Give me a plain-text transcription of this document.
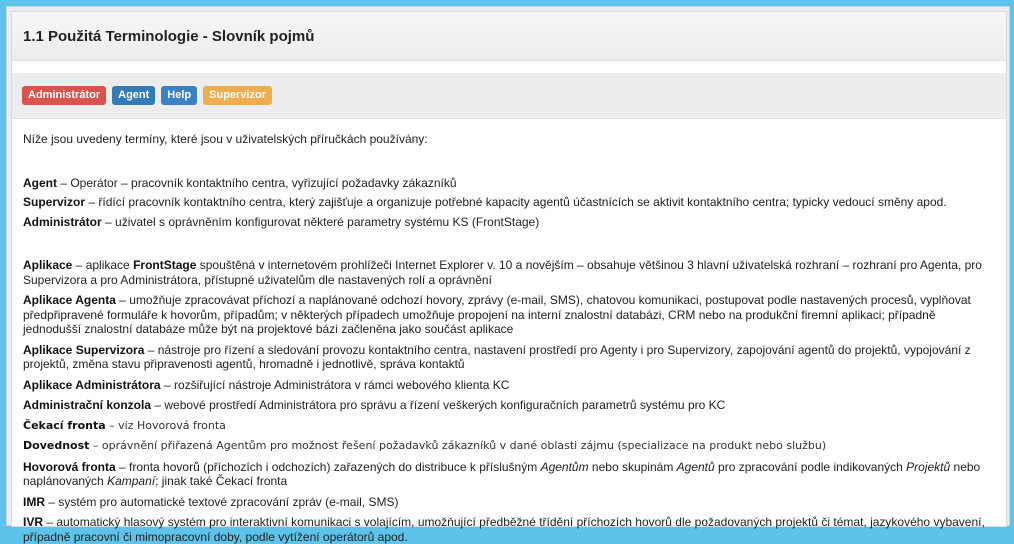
1.1 Použitá Terminologie - Slovník pojmů
Administrátor	Agent	Help	Supervizor

Níže jsou uvedeny termíny, které jsou v uživatelských příručkách používány:

Agent – Operátor – pracovník kontaktního centra, vyřizující požadavky zákazníků

Supervizor – řídící pracovník kontaktního centra, který zajišťuje a organizuje potřebné kapacity agentů účastnících se aktivit kontaktního centra; typicky vedoucí směny apod.

Administrátor – uživatel s oprávněním konfigurovat některé parametry systému KS (FrontStage)

Aplikace – aplikace FrontStage spouštěná v internetovém prohlížeči Internet Explorer v. 10 a novějším – obsahuje většinou 3 hlavní uživatelská rozhraní – rozhraní pro Agenta, pro Supervizora a pro Administrátora, přístupné uživatelům dle nastavených rolí a oprávnění

Aplikace Agenta – umožňuje zpracovávat příchozí a naplánované odchozí hovory, zprávy (e-mail, SMS), chatovou komunikaci, postupovat podle nastavených procesů, vyplňovat předpřipravené formuláře k hovorům, případům; v některých případech umožňuje propojení na interní znalostní databázi, CRM nebo na produkční firemní aplikaci; případně jednodušší znalostní databáze může být na projektové bázi začleněna jako součást aplikace

Aplikace Supervizora – nástroje pro řízení a sledování provozu kontaktního centra, nastavení prostředí pro Agenty i pro Supervizory, zapojování agentů do projektů, vypojování z projektů, změna stavu připravenosti agentů, hromadně i jednotlivě, správa kontaktů

Aplikace Administrátora – rozšiřující nástroje Administrátora v rámci webového klienta KC

Administrační konzola – webové prostředí Administrátora pro správu a řízení veškerých konfiguračních parametrů systému pro KC

Čekací fronta – viz Hovorová fronta

Dovednost – oprávnění přiřazená Agentům pro možnost řešení požadavků zákazníků v dané oblasti zájmu (specializace na produkt nebo službu)

Hovorová fronta – fronta hovorů (příchozích i odchozích) zařazených do distribuce k příslušným Agentům nebo skupinám Agentů pro zpracování podle indikovaných Projektů nebo naplánovaných Kampaní; jinak také Čekací fronta

IMR – systém pro automatické textové zpracování zpráv (e-mail, SMS)

IVR – automatický hlasový systém pro interaktivní komunikaci s volajícím, umožňující předběžné třídění příchozích hovorů dle požadovaných projektů či témat, jazykového vybavení, případně pracovní či mimopracovní doby, podle vytížení operátorů apod.
